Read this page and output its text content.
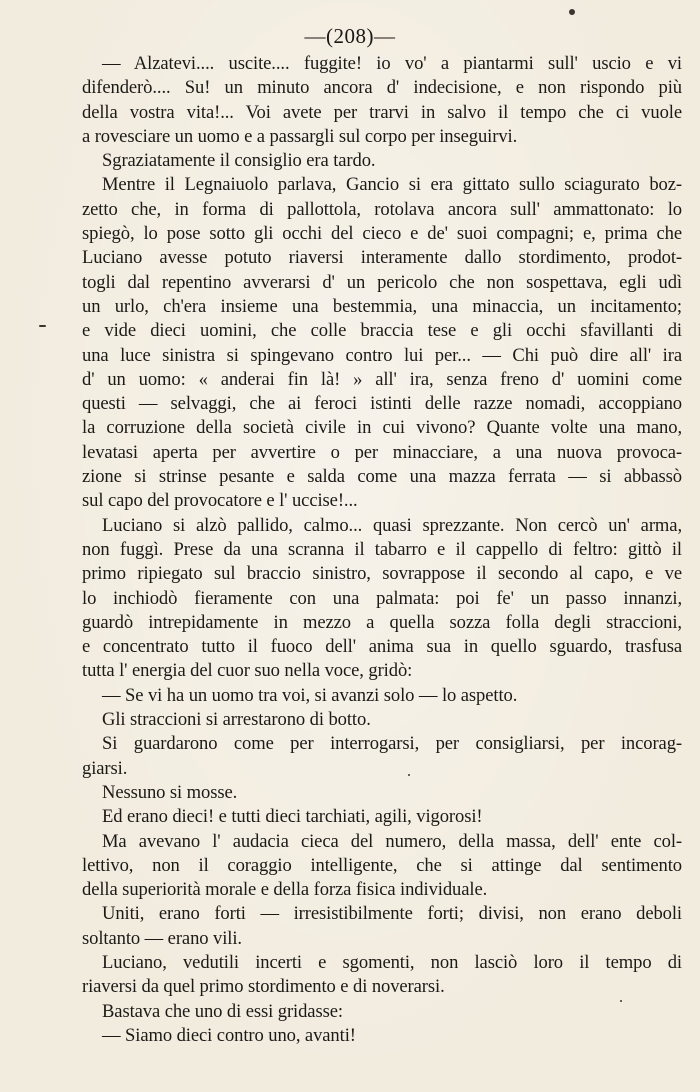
—(208)—
— Alzatevi.... uscite.... fuggite! io vo' a piantarmi sull' uscio e vi
difenderò.... Su! un minuto ancora d' indecisione, e non rispondo più
della vostra vita!... Voi avete per trarvi in salvo il tempo che ci vuole
a rovesciare un uomo e a passargli sul corpo per inseguirvi.
Sgraziatamente il consiglio era tardo.
Mentre il Legnaiuolo parlava, Gancio si era gittato sullo sciagurato boz-
zetto che, in forma di pallottola, rotolava ancora sull' ammattonato: lo
spiegò, lo pose sotto gli occhi del cieco e de' suoi compagni; e, prima che
Luciano avesse potuto riaversi interamente dallo stordimento, prodot-
togli dal repentino avverarsi d' un pericolo che non sospettava, egli udì
un urlo, ch'era insieme una bestemmia, una minaccia, un incitamento;
e vide dieci uomini, che colle braccia tese e gli occhi sfavillanti di
una luce sinistra si spingevano contro lui per... — Chi può dire all' ira
d' un uomo: « anderai fin là! » all' ira, senza freno d' uomini come
questi — selvaggi, che ai feroci istinti delle razze nomadi, accoppiano
la corruzione della società civile in cui vivono? Quante volte una mano,
levatasi aperta per avvertire o per minacciare, a una nuova provoca-
zione si strinse pesante e salda come una mazza ferrata — si abbassò
sul capo del provocatore e l' uccise!...
Luciano si alzò pallido, calmo... quasi sprezzante. Non cercò un' arma,
non fuggì. Prese da una scranna il tabarro e il cappello di feltro: gittò il
primo ripiegato sul braccio sinistro, sovrappose il secondo al capo, e ve
lo inchiodò fieramente con una palmata: poi fe' un passo innanzi,
guardò intrepidamente in mezzo a quella sozza folla degli straccioni,
e concentrato tutto il fuoco dell' anima sua in quello sguardo, trasfusa
tutta l' energia del cuor suo nella voce, gridò:
— Se vi ha un uomo tra voi, si avanzi solo — lo aspetto.
Gli straccioni si arrestarono di botto.
Si guardarono come per interrogarsi, per consigliarsi, per incorag-
giarsi.
Nessuno si mosse.
Ed erano dieci! e tutti dieci tarchiati, agili, vigorosi!
Ma avevano l' audacia cieca del numero, della massa, dell' ente col-
lettivo, non il coraggio intelligente, che si attinge dal sentimento
della superiorità morale e della forza fisica individuale.
Uniti, erano forti — irresistibilmente forti; divisi, non erano deboli
soltanto — erano vili.
Luciano, vedutili incerti e sgomenti, non lasciò loro il tempo di
riaversi da quel primo stordimento e di noverarsi.
Bastava che uno di essi gridasse:
— Siamo dieci contro uno, avanti!
